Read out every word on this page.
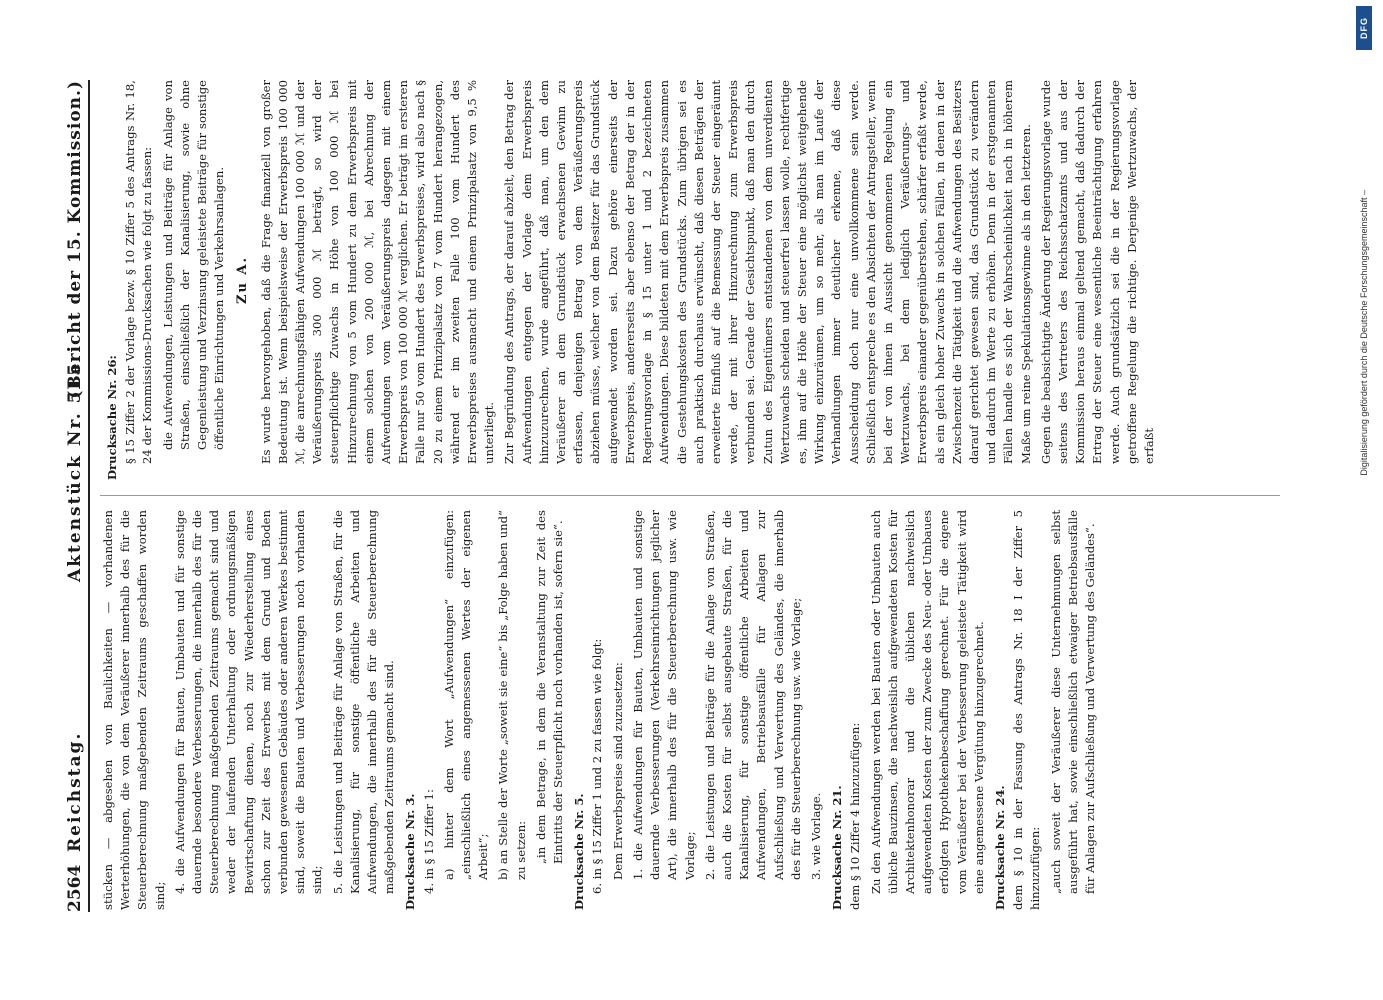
2564
Reichstag.
Aktenstück Nr. 515.
(Bericht der 15. Kommission.)
stücken — abgesehen von Baulichkeiten — vorhandenen Werterhöhungen, die von dem Veräußerer innerhalb des für die Steuerberechnung maßgebenden Zeitraums geschaffen worden sind;
4. die Aufwendungen für Bauten, Umbauten und für sonstige dauernde besondere Verbesserungen, die innerhalb des für die Steuerberechnung maßgebenden Zeitraums gemacht sind und weder der laufenden Unterhaltung oder ordnungsmäßigen Bewirtschaftung dienen, noch zur Wiederherstellung eines schon zur Zeit des Erwerbes mit dem Grund und Boden verbunden gewesenen Gebäudes oder anderen Werkes bestimmt sind, soweit die Bauten und Verbesserungen noch vorhanden sind; 5. die Leistungen und Beiträge für Anlage von Straßen, für die Kanalisierung, für sonstige öffentliche Arbeiten und Aufwendungen, die innerhalb des für die Steuerberechnung maßgebenden Zeitraums gemacht sind. Drucksache Nr. 3. 4. in § 15 Ziffer 1: a) hinter dem Wort „Aufwendungen“ einzufügen: „einschließlich eines angemessenen Wertes der eigenen Arbeit“; b) an Stelle der Worte „soweit sie eine“ bis „Folge haben und“ zu setzen: „in dem Betrage, in dem die Veranstaltung zur Zeit des Eintritts der Steuerpflicht noch vorhanden ist, sofern sie“. Drucksache Nr. 5. 6. in § 15 Ziffer 1 und 2 zu fassen wie folgt: Dem Erwerbspreise sind zuzusetzen: 1. die Aufwendungen für Bauten, Umbauten und sonstige dauernde Verbesserungen (Verkehrseinrichtungen jeglicher Art), die innerhalb des für die Steuerberechnung usw. wie Vorlage; 2. die Leistungen und Beiträge für die Anlage von Straßen, auch die Kosten für selbst ausgebaute Straßen, für die Kanalisierung, für sonstige öffentliche Arbeiten und Aufwendungen, Betriebsausfälle für Anlagen zur Aufschließung und Verwertung des Geländes, die innerhalb des für die Steuerberechnung usw. wie Vorlage; 3. wie Vorlage. Drucksache Nr. 21. dem § 10 Ziffer 4 hinzuzufügen: Zu den Aufwendungen werden bei Bauten oder Umbauten auch übliche Bauzinsen, die nachweislich aufgewendeten Kosten für Architektenhonorar und die üblichen nachweislich aufgewendeten Kosten der zum Zwecke des Neu- oder Umbaues erfolgten Hypothekenbeschaffung gerechnet. Für die eigene vom Veräußerer bei der Verbesserung geleistete Tätigkeit wird eine angemessene Vergütung hinzugerechnet. Drucksache Nr. 24. dem § 10 in der Fassung des Antrags Nr. 18 I der Ziffer 5 hinzuzufügen: „auch soweit der Veräußerer diese Unternehmungen selbst ausgeführt hat, sowie einschließlich etwaiger Betriebsausfälle für Anlagen zur Aufschließung und Verwertung des Geländes“.
Drucksache Nr. 26: § 15 Ziffer 2 der Vorlage bezw. § 10 Ziffer 5 des Antrags Nr. 18, 24 der Kommissions-Drucksachen wie folgt zu fassen: die Aufwendungen, Leistungen und Beiträge für Anlage von Straßen, einschließlich der Kanalisierung, sowie ohne Gegenleistung und Verzinsung geleistete Beiträge für sonstige öffentliche Einrichtungen und Verkehrsanlagen. Zu A. Es wurde hervorgehoben, daß die Frage finanziell von großer Bedeutung ist. Wenn beispielsweise der Erwerbspreis 100 000 ℳ, die anrechnungsfähigen Aufwendungen 100 000 ℳ und der Veräußerungspreis 300 000 ℳ beträgt, so wird der steuerpflichtige Zuwachs in Höhe von 100 000 ℳ bei Hinzurechnung von 5 vom Hundert zu dem Erwerbspreis mit einem solchen von 200 000 ℳ, bei Abrechnung der Aufwendungen vom Veräußerungspreis dagegen mit einem Erwerbspreis von 100 000 ℳ verglichen. Er beträgt im ersteren Falle nur 50 vom Hundert des Erwerbspreises, wird also nach § 20 zu einem Prinzipalsatz von 7 vom Hundert herangezogen, während er im zweiten Falle 100 vom Hundert des Erwerbspreises ausmacht und einem Prinzipalsatz von 9,5 % unterliegt. Zur Begründung des Antrags, der darauf abzielt, den Betrag der Aufwendungen entgegen der Vorlage dem Erwerbspreis hinzuzurechnen, wurde angeführt, daß man, um den dem Veräußerer an dem Grundstück erwachsenen Gewinn zu erfassen, denjenigen Betrag von dem Veräußerungspreis abziehen müsse, welcher von dem Besitzer für das Grundstück aufgewendet worden sei. Dazu gehöre einerseits der Erwerbspreis, andererseits aber ebenso der Betrag der in der Regierungsvorlage in § 15 unter 1 und 2 bezeichneten Aufwendungen. Diese bildeten mit dem Erwerbspreis zusammen die Gestehungskosten des Grundstücks. Zum übrigen sei es auch praktisch durchaus erwünscht, daß diesen Beträgen der erweiterte Einfluß auf die Bemessung der Steuer eingeräumt werde, der mit ihrer Hinzurechnung zum Erwerbspreis verbunden sei. Gerade der Gesichtspunkt, daß man den durch Zutun des Eigentümers entstandenen von dem unverdienten Wertzuwachs scheiden und steuerfrei lassen wolle, rechtfertige es, ihm auf die Höhe der Steuer eine möglichst weitgehende Wirkung einzuräumen, um so mehr, als man im Laufe der Verhandlungen immer deutlicher erkenne, daß diese Ausscheidung doch nur eine unvollkommene sein werde. Schließlich entspreche es den Absichten der Antragsteller, wenn bei der von ihnen in Aussicht genommenen Regelung ein Wertzuwachs, bei dem lediglich Veräußerungs- und Erwerbspreis einander gegenüberstehen, schärfer erfaßt werde, als ein gleich hoher Zuwachs in solchen Fällen, in denen in der Zwischenzeit die Tätigkeit und die Aufwendungen des Besitzers darauf gerichtet gewesen sind, das Grundstück zu verändern und dadurch im Werte zu erhöhen. Denn in der erstgenannten Fällen handle es sich der Wahrscheinlichkeit nach in höherem Maße um reine Spekulationsgewinne als in den letzteren. Gegen die beabsichtigte Änderung der Regierungsvorlage wurde seitens des Vertreters des Reichsschatzamts und aus der Kommission heraus einmal geltend gemacht, daß dadurch der Ertrag der Steuer eine wesentliche Beeinträchtigung erfahren werde. Auch grundsätzlich sei die in der Regierungsvorlage getroffene Regelung die richtige. Derjenige Wertzuwachs, der erfaßt	Digitalisierung gefördert durch die Deutsche Forschungsgemeinschaft –
DFG
